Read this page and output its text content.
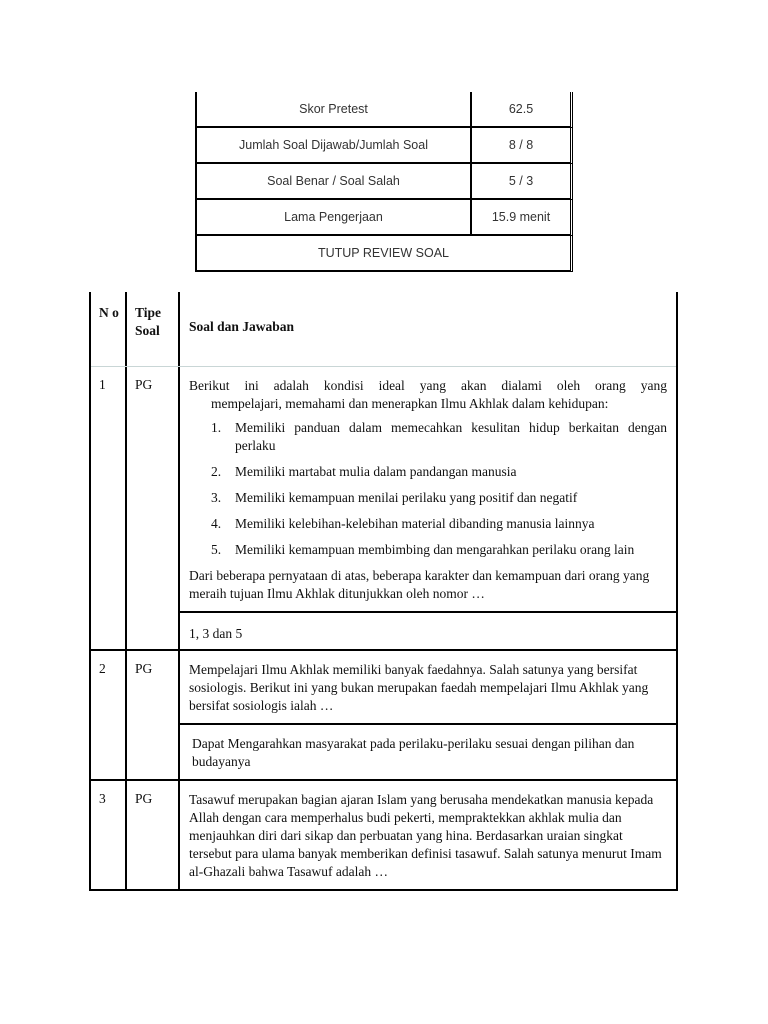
Skor Pretest	62.5
Jumlah Soal Dijawab/Jumlah Soal	8 / 8
Soal Benar / Soal Salah	5 / 3
Lama Pengerjaan	15.9 menit
TUTUP REVIEW SOAL
N o	Tipe Soal	Soal dan Jawaban
1	PG	Berikut ini adalah kondisi ideal yang akan dialami oleh orang yang
mempelajari, memahami dan menerapkan Ilmu Akhlak dalam kehidupan:
1.	Memiliki panduan dalam memecahkan kesulitan hidup berkaitan dengan perlaku
2.	Memiliki martabat mulia dalam pandangan manusia
3.	Memiliki kemampuan menilai perilaku yang positif dan negatif
4.	Memiliki kelebihan-kelebihan material dibanding manusia lainnya
5.	Memiliki kemampuan membimbing dan mengarahkan perilaku orang lain
Dari beberapa pernyataan di atas, beberapa karakter dan kemampuan dari orang yang meraih tujuan Ilmu Akhlak ditunjukkan oleh nomor …
1, 3 dan 5
2	PG	Mempelajari Ilmu Akhlak memiliki banyak faedahnya. Salah satunya yang bersifat sosiologis. Berikut ini yang bukan merupakan faedah mempelajari Ilmu Akhlak yang bersifat sosiologis ialah …
Dapat Mengarahkan masyarakat pada perilaku-perilaku sesuai dengan pilihan dan budayanya
3	PG	Tasawuf merupakan bagian ajaran Islam yang berusaha mendekatkan manusia kepada Allah dengan cara memperhalus budi pekerti, mempraktekkan akhlak mulia dan menjauhkan diri dari sikap dan perbuatan yang hina. Berdasarkan uraian singkat tersebut para ulama banyak memberikan definisi tasawuf. Salah satunya menurut Imam al-Ghazali bahwa Tasawuf adalah …
